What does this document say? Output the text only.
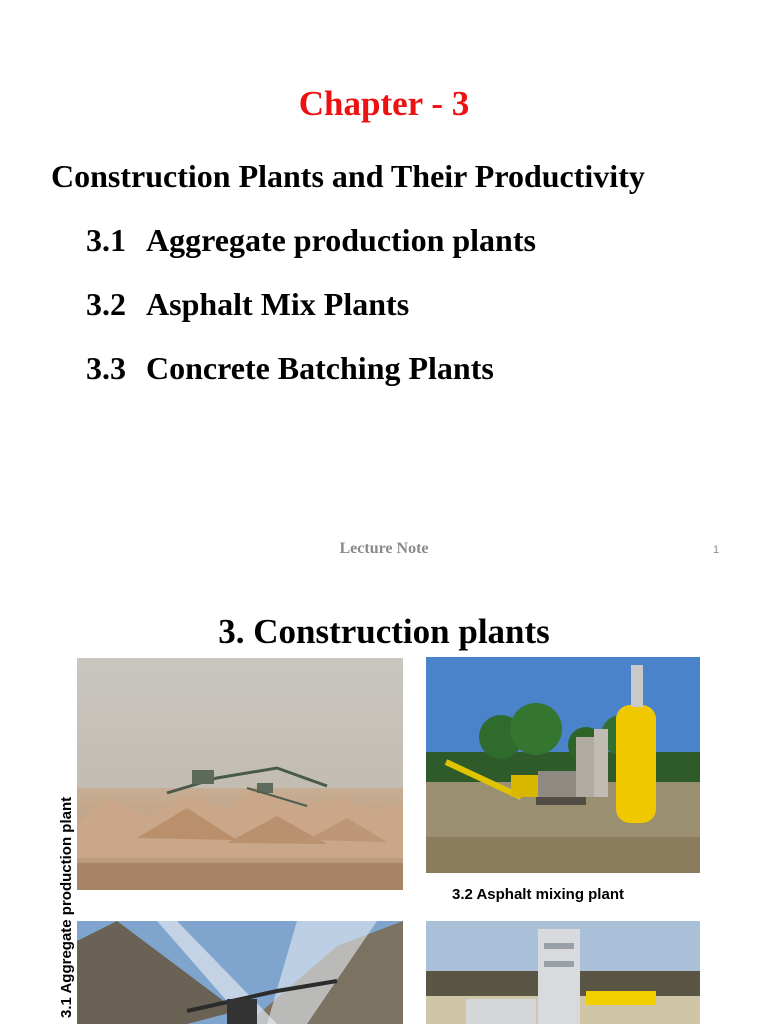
Chapter - 3
Construction Plants and Their Productivity
3.1 Aggregate production plants
3.2 Asphalt Mix Plants
3.3 Concrete Batching Plants
Lecture Note	1
3. Construction plants
3.2 Asphalt mixing plant
3.1 Aggregate production plant
